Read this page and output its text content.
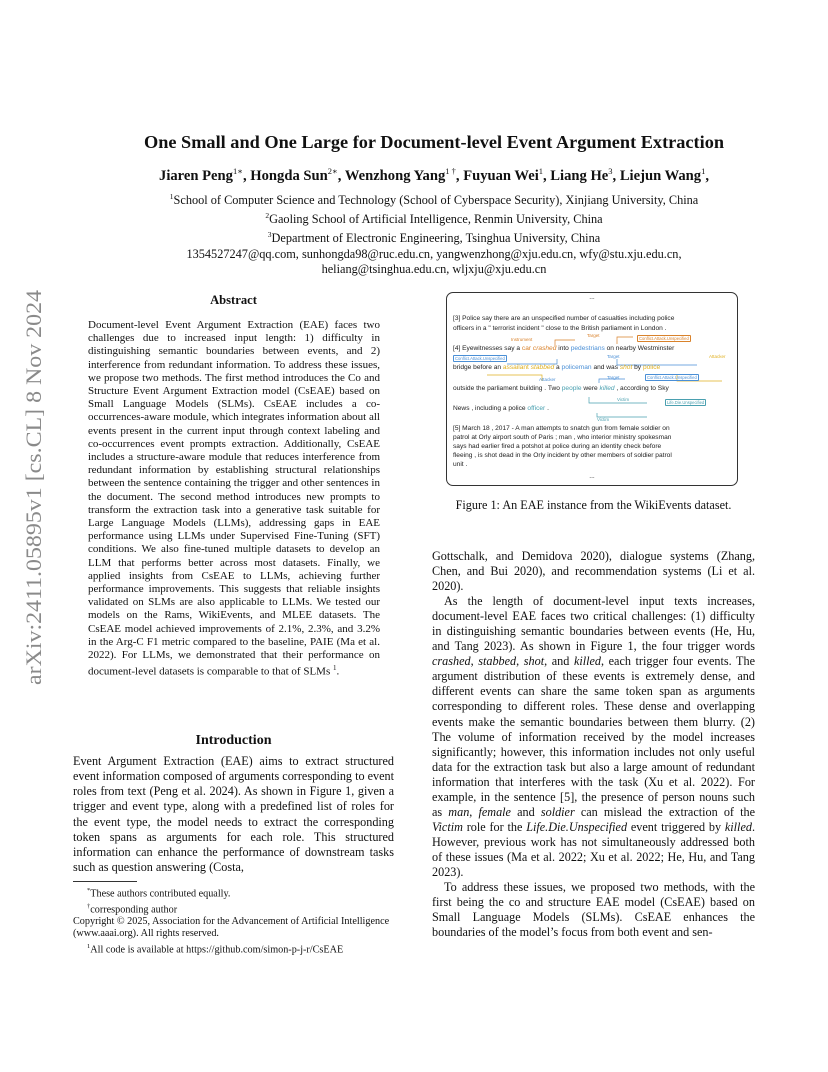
arXiv:2411.05895v1 [cs.CL] 8 Nov 2024
One Small and One Large for Document-level Event Argument Extraction
Jiaren Peng$^{1∗}$, Hongda Sun$^{2∗}$, Wenzhong Yang$^{1 \dagger}$, Fuyuan Wei$^1$, Liang He$^3$, Liejun Wang$^1$,
$^1$School of Computer Science and Technology (School of Cyberspace Security), Xinjiang University, China
$^2$Gaoling School of Artificial Intelligence, Renmin University, China
$^3$Department of Electronic Engineering, Tsinghua University, China
1354527247@qq.com, sunhongda98@ruc.edu.cn, yangwenzhong@xju.edu.cn, wfy@stu.xju.edu.cn,
heliang@tsinghua.edu.cn, wljxju@xju.edu.cn
Abstract
Document-level Event Argument Extraction (EAE) faces two challenges due to increased input length: 1) difficulty in distinguishing semantic boundaries between events, and 2) interference from redundant information. To address these issues, we propose two methods. The first method introduces the Co and Structure Event Argument Extraction model (CsEAE) based on Small Language Models (SLMs). CsEAE includes a co-occurrences-aware module, which integrates information about all events present in the current input through context labeling and co-occurrences event prompts extraction. Additionally, CsEAE includes a structure-aware module that reduces interference from redundant information by establishing structural relationships between the sentence containing the trigger and other sentences in the document. The second method introduces new prompts to transform the extraction task into a generative task suitable for Large Language Models (LLMs), addressing gaps in EAE performance using LLMs under Supervised Fine-Tuning (SFT) conditions. We also fine-tuned multiple datasets to develop an LLM that performs better across most datasets. Finally, we applied insights from CsEAE to LLMs, achieving further performance improvements. This suggests that reliable insights validated on SLMs are also applicable to LLMs. We tested our models on the Rams, WikiEvents, and MLEE datasets. The CsEAE model achieved improvements of 2.1%, 2.3%, and 3.2% in the Arg-C F1 metric compared to the baseline, PAIE (Ma et al. 2022). For LLMs, we demonstrated that their performance on document-level datasets is comparable to that of SLMs $^1$.
Introduction
Event Argument Extraction (EAE) aims to extract structured event information composed of arguments corresponding to event roles from text (Peng et al. 2024). As shown in Figure 1, given a trigger and event type, along with a predefined list of roles for the event type, the model needs to extract the corresponding token spans as arguments for each role. This structured information can enhance the performance of downstream tasks such as question answering (Costa,
*These authors contributed equally.
†corresponding author
Copyright © 2025, Association for the Advancement of Artificial Intelligence (www.aaai.org). All rights reserved.
$^1$All code is available at https://github.com/simon-p-j-r/CsEAE
...
[3] Police say there are an unspecified number of casualties including police
officers in a " terrorist incident " close to the British parliament in London .
Instrument
Target
Conflict.Attack.Unspecified
[4] Eyewitnesses say a car crashed into pedestrians on nearby Westminster
Conflict.Attack.Unspecified	Target	Attacker
bridge before an assailant stabbed a policeman and was shot by police
Attacker	Target	Conflict.Attack.Unspecified
outside the parliament building . Two people were killed , according to Sky
Victim
Life.Die.Unspecified
News , including a police officer .
Victim
[5] March 18 , 2017 - A man attempts to snatch gun from female soldier on
patrol at Orly airport south of Paris ; man , who interior ministry spokesman
says had earlier fired a potshot at police during an identity check before
fleeing , is shot dead in the Orly incident by other members of soldier patrol
unit .
...
Figure 1: An EAE instance from the WikiEvents dataset.

Gottschalk, and Demidova 2020), dialogue systems (Zhang, Chen, and Bui 2020), and recommendation systems (Li et al. 2020).

As the length of document-level input texts increases, document-level EAE faces two critical challenges: (1) difficulty in distinguishing semantic boundaries between events (He, Hu, and Tang 2023). As shown in Figure 1, the four trigger words crashed, stabbed, shot, and killed, each trigger four events. The argument distribution of these events is extremely dense, and different events can share the same token span as arguments corresponding to different roles. These dense and overlapping events make the semantic boundaries between them blurry. (2) The volume of information received by the model increases significantly; however, this information includes not only useful data for the extraction task but also a large amount of redundant information that interferes with the task (Xu et al. 2022). For example, in the sentence [5], the presence of person nouns such as man, female and soldier can mislead the extraction of the Victim role for the Life.Die.Unspecified event triggered by killed. However, previous work has not simultaneously addressed both of these issues (Ma et al. 2022; Xu et al. 2022; He, Hu, and Tang 2023).

To address these issues, we proposed two methods, with the first being the co and structure EAE model (CsEAE) based on Small Language Models (SLMs). CsEAE enhances the boundaries of the model’s focus from both event and sen-
